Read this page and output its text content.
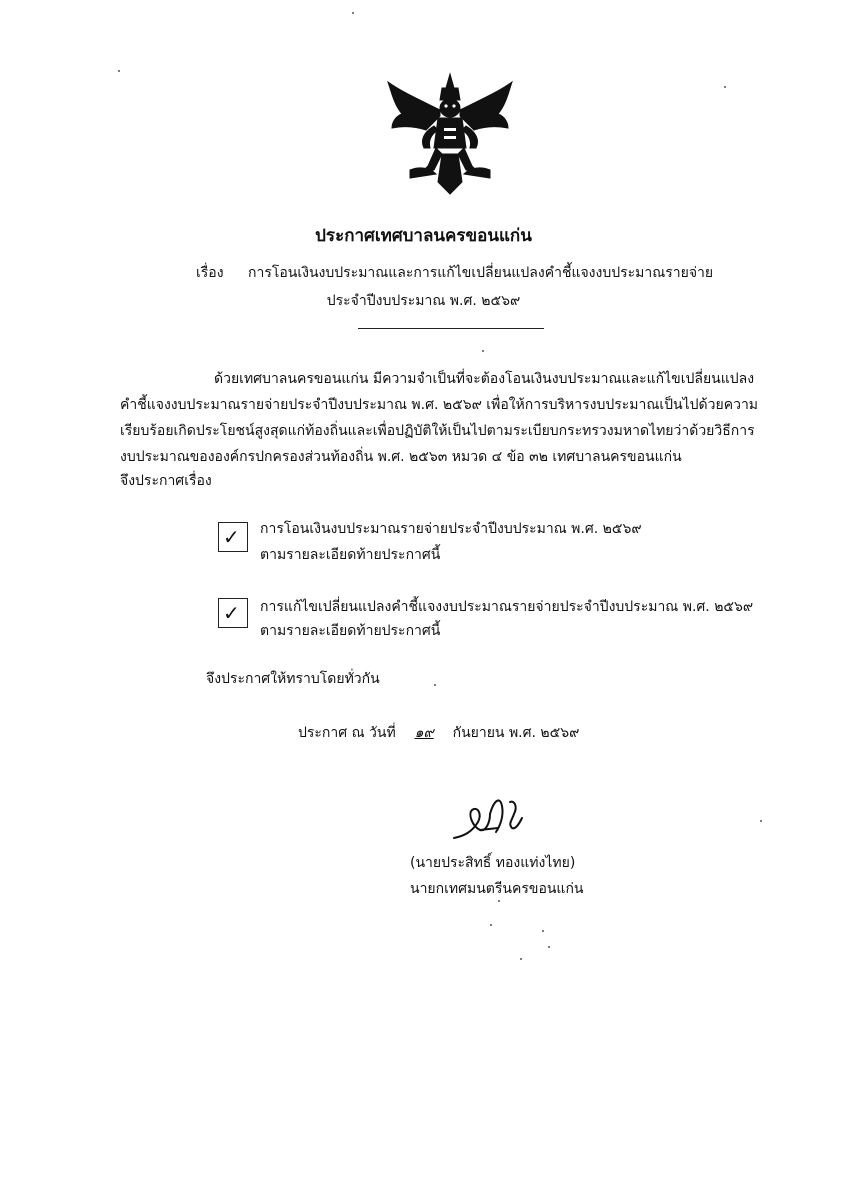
ประกาศเทศบาลนครขอนแก่น
เรื่อง การโอนเงินงบประมาณและการแก้ไขเปลี่ยนแปลงคำชี้แจงงบประมาณรายจ่าย
ประจำปีงบประมาณ พ.ศ. ๒๕๖๙
ด้วยเทศบาลนครขอนแก่น มีความจำเป็นที่จะต้องโอนเงินงบประมาณและแก้ไขเปลี่ยนแปลง
คำชี้แจงงบประมาณรายจ่ายประจำปีงบประมาณ พ.ศ. ๒๕๖๙ เพื่อให้การบริหารงบประมาณเป็นไปด้วยความ
เรียบร้อยเกิดประโยชน์สูงสุดแก่ท้องถิ่นและเพื่อปฏิบัติให้เป็นไปตามระเบียบกระทรวงมหาดไทยว่าด้วยวิธีการ
งบประมาณขององค์กรปกครองส่วนท้องถิ่น พ.ศ. ๒๕๖๓ หมวด ๔ ข้อ ๓๒ เทศบาลนครขอนแก่น
จึงประกาศเรื่อง
✓ การโอนเงินงบประมาณรายจ่ายประจำปีงบประมาณ พ.ศ. ๒๕๖๙
ตามรายละเอียดท้ายประกาศนี้
✓ การแก้ไขเปลี่ยนแปลงคำชี้แจงงบประมาณรายจ่ายประจำปีงบประมาณ พ.ศ. ๒๕๖๙
ตามรายละเอียดท้ายประกาศนี้
จึงประกาศให้ทราบโดยทั่วกัน
ประกาศ ณ วันที่ ๑๙ กันยายน พ.ศ. ๒๕๖๙
(นายประสิทธิ์ ทองแท่งไทย)
นายกเทศมนตรีนครขอนแก่น
